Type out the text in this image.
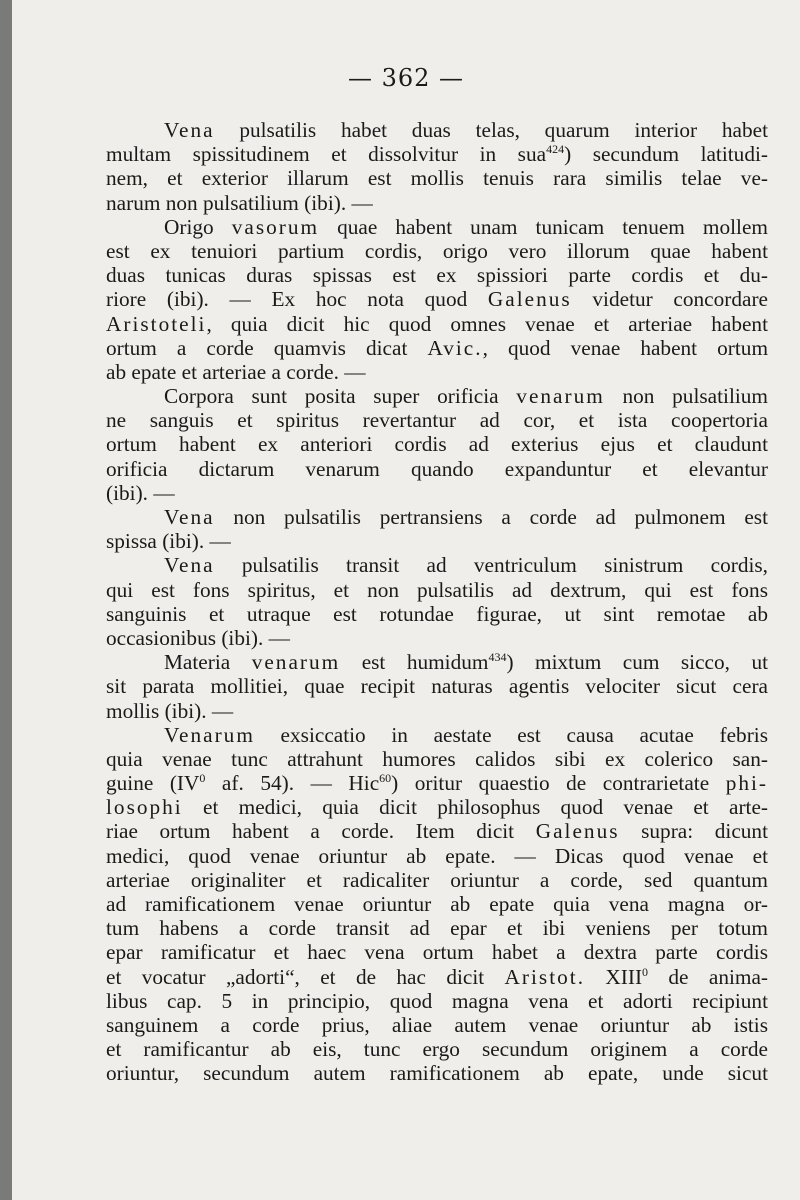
— 362 —
Vena pulsatilis habet duas telas, quarum interior habet
multam spissitudinem et dissolvitur in sua$^{424}$) secundum latitudi-
nem, et exterior illarum est mollis tenuis rara similis telae ve-
narum non pulsatilium (ibi). —
Origo vasorum quae habent unam tunicam tenuem mollem
est ex tenuiori partium cordis, origo vero illorum quae habent
duas tunicas duras spissas est ex spissiori parte cordis et du-
riore (ibi). — Ex hoc nota quod Galenus videtur concordare
Aristoteli, quia dicit hic quod omnes venae et arteriae habent
ortum a corde quamvis dicat Avic., quod venae habent ortum
ab epate et arteriae a corde. —
Corpora sunt posita super orificia venarum non pulsatilium
ne sanguis et spiritus revertantur ad cor, et ista coopertoria
ortum habent ex anteriori cordis ad exterius ejus et claudunt
orificia dictarum venarum quando expanduntur et elevantur
(ibi). —
Vena non pulsatilis pertransiens a corde ad pulmonem est
spissa (ibi). —
Vena pulsatilis transit ad ventriculum sinistrum cordis,
qui est fons spiritus, et non pulsatilis ad dextrum, qui est fons
sanguinis et utraque est rotundae figurae, ut sint remotae ab
occasionibus (ibi). —
Materia venarum est humidum$^{434}$) mixtum cum sicco, ut
sit parata mollitiei, quae recipit naturas agentis velociter sicut cera
mollis (ibi). —
Venarum exsiccatio in aestate est causa acutae febris
quia venae tunc attrahunt humores calidos sibi ex colerico san-
guine ($IV^0$ af. 54). — Hic$^{60}$) oritur quaestio de contrarietate phi-
losophi et medici, quia dicit philosophus quod venae et arte-
riae ortum habent a corde. Item dicit Galenus supra: dicunt
medici, quod venae oriuntur ab epate. — Dicas quod venae et
arteriae originaliter et radicaliter oriuntur a corde, sed quantum
ad ramificationem venae oriuntur ab epate quia vena magna or-
tum habens a corde transit ad epar et ibi veniens per totum
epar ramificatur et haec vena ortum habet a dextra parte cordis
et vocatur „adorti“, et de hac dicit Aristot. XIII$^0$ de anima-
libus cap. 5 in principio, quod magna vena et adorti recipiunt
sanguinem a corde prius, aliae autem venae oriuntur ab istis
et ramificantur ab eis, tunc ergo secundum originem a corde
oriuntur, secundum autem ramificationem ab epate, unde sicut
